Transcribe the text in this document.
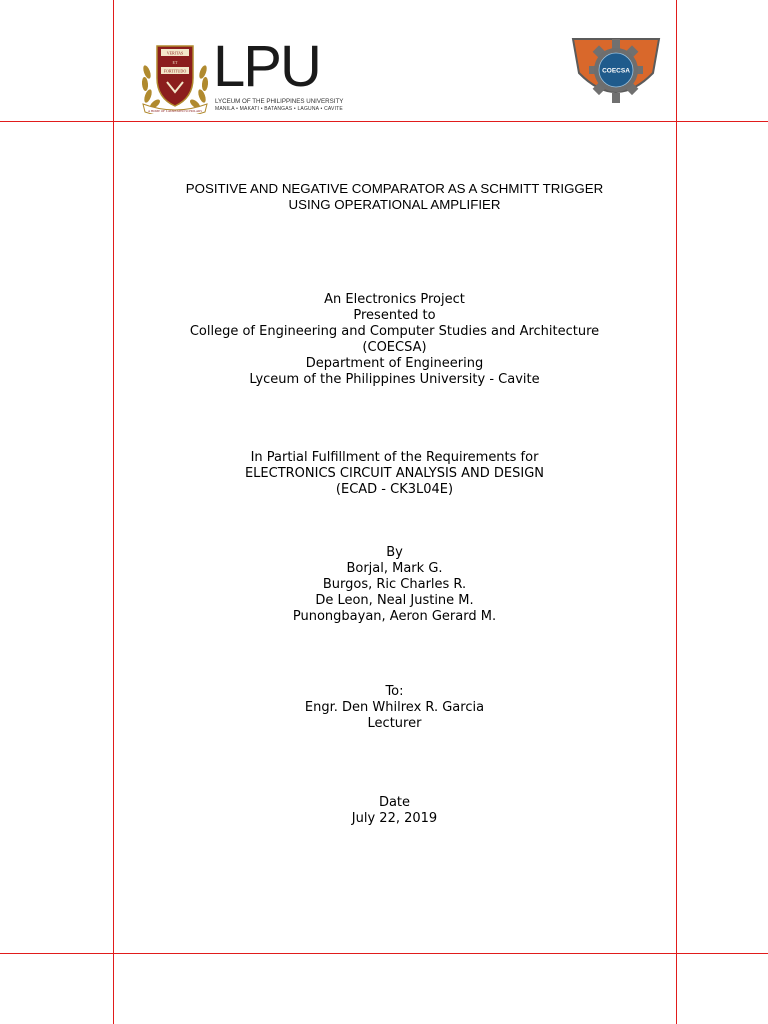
VERITAS
ET
FORTITUDO
A HOME OF LAUREATED SCHOLARS
LPU
LYCEUM OF THE PHILIPPINES UNIVERSITY
MANILA • MAKATI • BATANGAS • LAGUNA • CAVITE
COECSA
POSITIVE AND NEGATIVE COMPARATOR AS A SCHMITT TRIGGER
USING OPERATIONAL AMPLIFIER
An Electronics Project
Presented to
College of Engineering and Computer Studies and Architecture
(COECSA)
Department of Engineering
Lyceum of the Philippines University - Cavite
In Partial Fulfillment of the Requirements for
ELECTRONICS CIRCUIT ANALYSIS AND DESIGN
(ECAD - CK3L04E)
By
Borjal, Mark G.
Burgos, Ric Charles R.
De Leon, Neal Justine M.
Punongbayan, Aeron Gerard M.
To:
Engr. Den Whilrex R. Garcia
Lecturer
Date
July 22, 2019
